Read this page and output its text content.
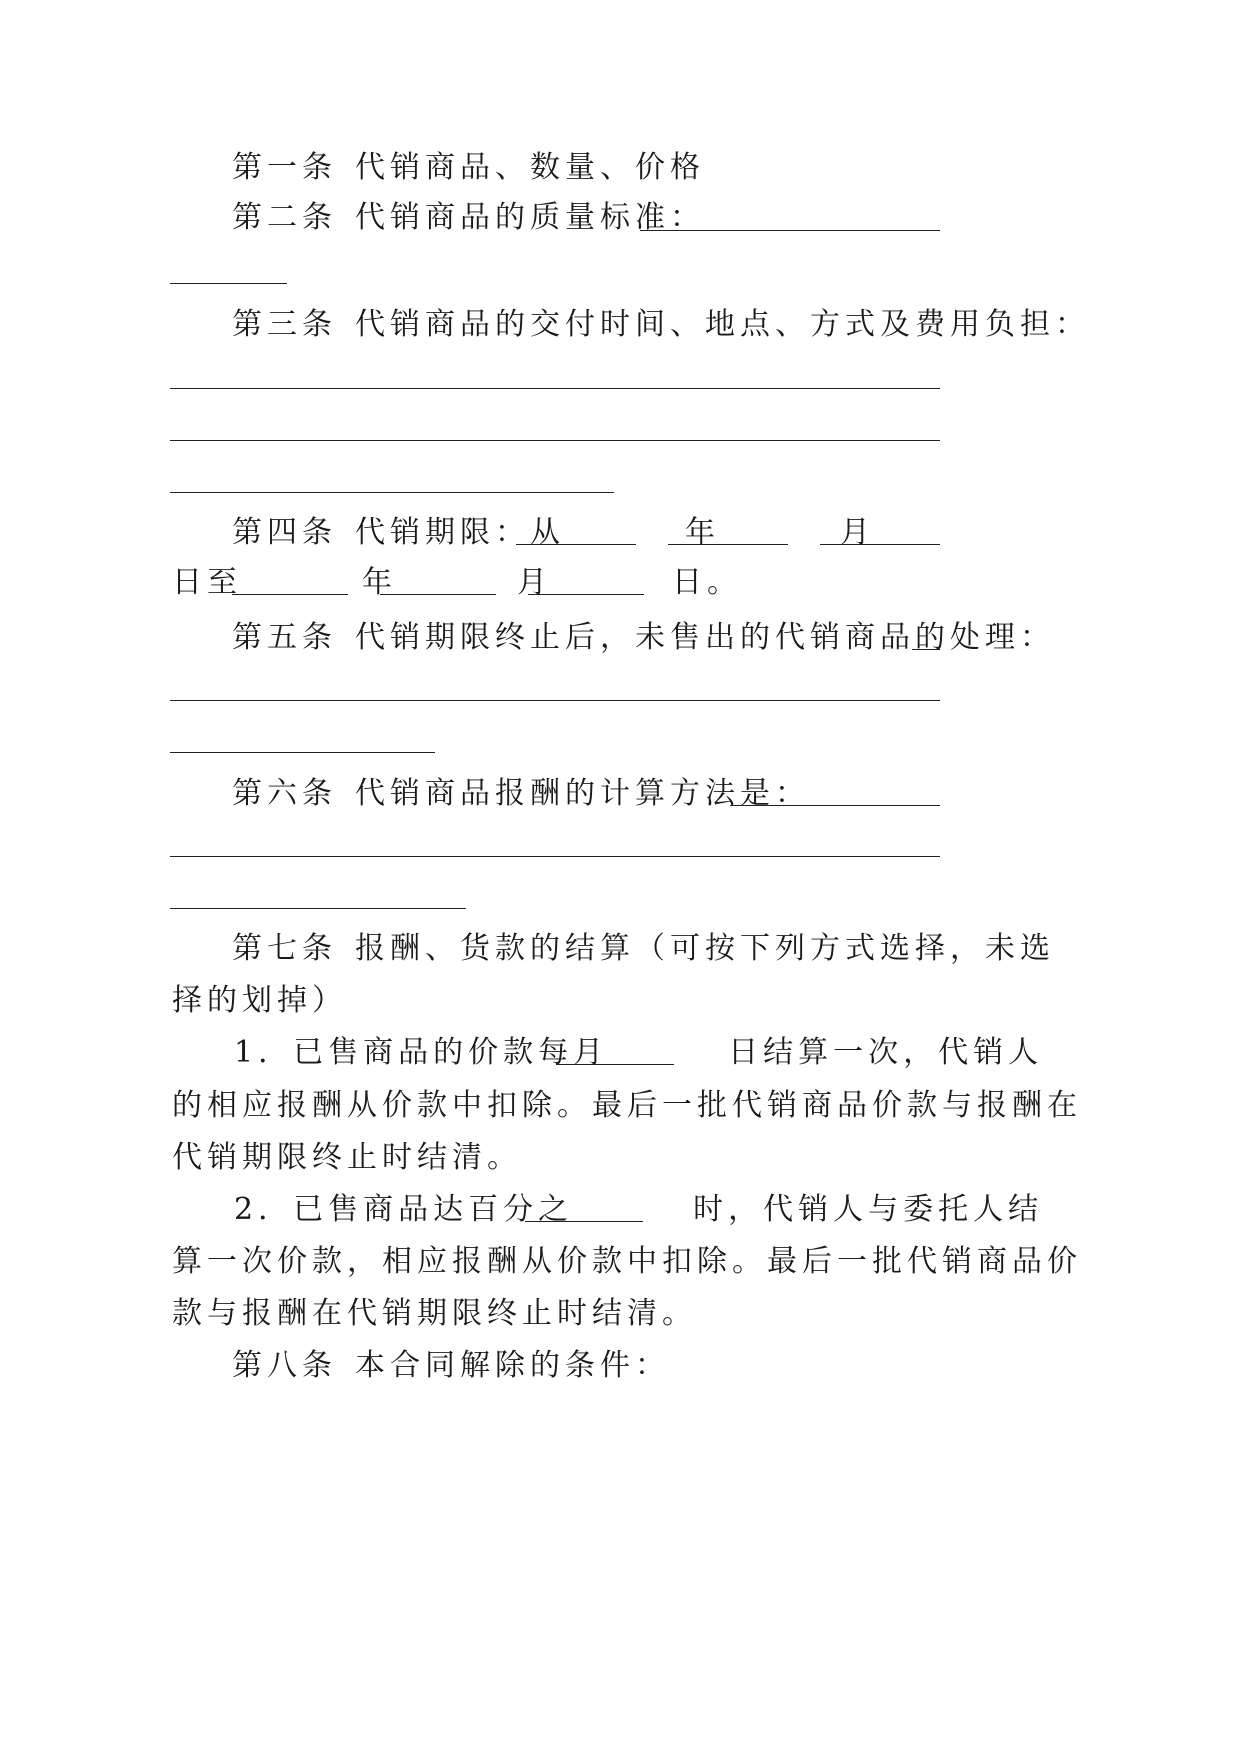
第一条 代销商品、数量、价格
第二条 代销商品的质量标准：
第三条 代销商品的交付时间、地点、方式及费用负担：
第四条 代销期限：从	年	月
日至	年	月	日。
第五条 代销期限终止后，未售出的代销商品的处理：
第六条 代销商品报酬的计算方法是：
第七条 报酬、货款的结算（可按下列方式选择，未选
择的划掉）
1．已售商品的价款每月	日结算一次，代销人
的相应报酬从价款中扣除。最后一批代销商品价款与报酬在
代销期限终止时结清。
2．已售商品达百分之	时，代销人与委托人结
算一次价款，相应报酬从价款中扣除。最后一批代销商品价
款与报酬在代销期限终止时结清。
第八条 本合同解除的条件：
